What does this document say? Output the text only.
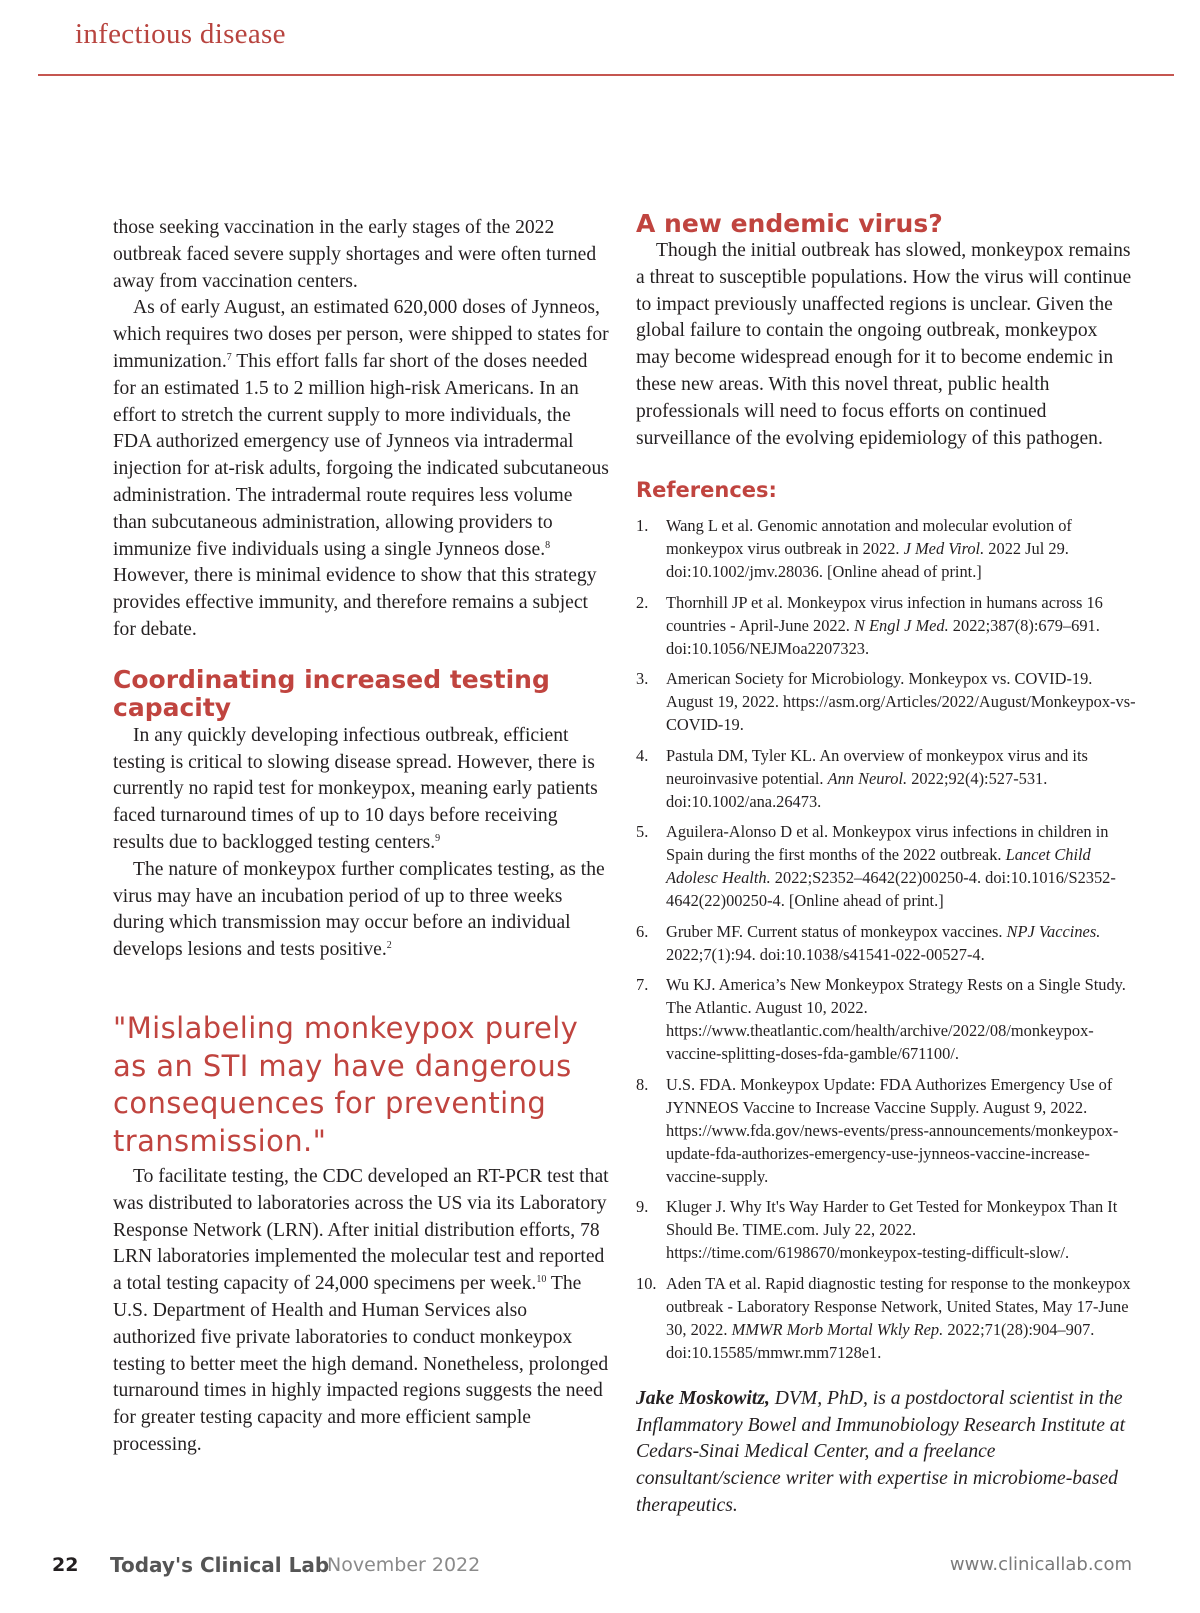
infectious disease

those seeking vaccination in the early stages of the 2022 outbreak faced severe supply shortages and were often turned away from vaccination centers.

As of early August, an estimated 620,000 doses of Jynneos, which requires two doses per person, were shipped to states for immunization.$^7$ This effort falls far short of the doses needed for an estimated 1.5 to 2 million high-risk Americans. In an effort to stretch the current supply to more individuals, the FDA authorized emergency use of Jynneos via intradermal injection for at-risk adults, forgoing the indicated subcutaneous administration. The intradermal route requires less volume than subcutaneous administration, allowing providers to immunize five individuals using a single Jynneos dose.$^8$ However, there is minimal evidence to show that this strategy provides effective immunity, and therefore remains a subject for debate.

Coordinating increased testing capacity

In any quickly developing infectious outbreak, efficient testing is critical to slowing disease spread. However, there is currently no rapid test for monkeypox, meaning early patients faced turnaround times of up to 10 days before receiving results due to backlogged testing centers.$^9$

The nature of monkeypox further complicates testing, as the virus may have an incubation period of up to three weeks during which transmission may occur before an individual develops lesions and tests positive.$^2$

"Mislabeling monkeypox purely as an STI may have dangerous consequences for preventing transmission."

To facilitate testing, the CDC developed an RT-PCR test that was distributed to laboratories across the US via its Laboratory Response Network (LRN). After initial distribution efforts, 78 LRN laboratories implemented the molecular test and reported a total testing capacity of 24,000 specimens per week.$^{10}$ The U.S. Department of Health and Human Services also authorized five private laboratories to conduct monkeypox testing to better meet the high demand. Nonetheless, prolonged turnaround times in highly impacted regions suggests the need for greater testing capacity and more efficient sample processing.

A new endemic virus?

Though the initial outbreak has slowed, monkeypox remains a threat to susceptible populations. How the virus will continue to impact previously unaffected regions is unclear. Given the global failure to contain the ongoing outbreak, monkeypox may become widespread enough for it to become endemic in these new areas. With this novel threat, public health professionals will need to focus efforts on continued surveillance of the evolving epidemiology of this pathogen.

References:
1. Wang L et al. Genomic annotation and molecular evolution of monkeypox virus outbreak in 2022. J Med Virol. 2022 Jul 29. doi:10.1002/jmv.28036. [Online ahead of print.]
2. Thornhill JP et al. Monkeypox virus infection in humans across 16 countries - April-June 2022. N Engl J Med. 2022;387(8):679–691. doi:10.1056/NEJMoa2207323.
3. American Society for Microbiology. Monkeypox vs. COVID-19. August 19, 2022. https://asm.org/Articles/2022/August/Monkeypox-vs-COVID-19.
4. Pastula DM, Tyler KL. An overview of monkeypox virus and its neuroinvasive potential. Ann Neurol. 2022;92(4):527-531. doi:10.1002/ana.26473.
5. Aguilera-Alonso D et al. Monkeypox virus infections in children in Spain during the first months of the 2022 outbreak. Lancet Child Adolesc Health. 2022;S2352–4642(22)00250-4. doi:10.1016/S2352-4642(22)00250-4. [Online ahead of print.]
6. Gruber MF. Current status of monkeypox vaccines. NPJ Vaccines. 2022;7(1):94. doi:10.1038/s41541-022-00527-4.
7. Wu KJ. America’s New Monkeypox Strategy Rests on a Single Study. The Atlantic. August 10, 2022. https://www.theatlantic.com/health/archive/2022/08/monkeypox-vaccine-splitting-doses-fda-gamble/671100/.
8. U.S. FDA. Monkeypox Update: FDA Authorizes Emergency Use of JYNNEOS Vaccine to Increase Vaccine Supply. August 9, 2022. https://www.fda.gov/news-events/press-announcements/monkeypox-update-fda-authorizes-emergency-use-jynneos-vaccine-increase-vaccine-supply.
9. Kluger J. Why It's Way Harder to Get Tested for Monkeypox Than It Should Be. TIME.com. July 22, 2022. https://time.com/6198670/monkeypox-testing-difficult-slow/.
10. Aden TA et al. Rapid diagnostic testing for response to the monkeypox outbreak - Laboratory Response Network, United States, May 17-June 30, 2022. MMWR Morb Mortal Wkly Rep. 2022;71(28):904–907. doi:10.15585/mmwr.mm7128e1.

Jake Moskowitz, DVM, PhD, is a postdoctoral scientist in the Inflammatory Bowel and Immunobiology Research Institute at Cedars-Sinai Medical Center, and a freelance consultant/science writer with expertise in microbiome-based therapeutics.

22 Today's Clinical Lab
November 2022	www.clinicallab.com
